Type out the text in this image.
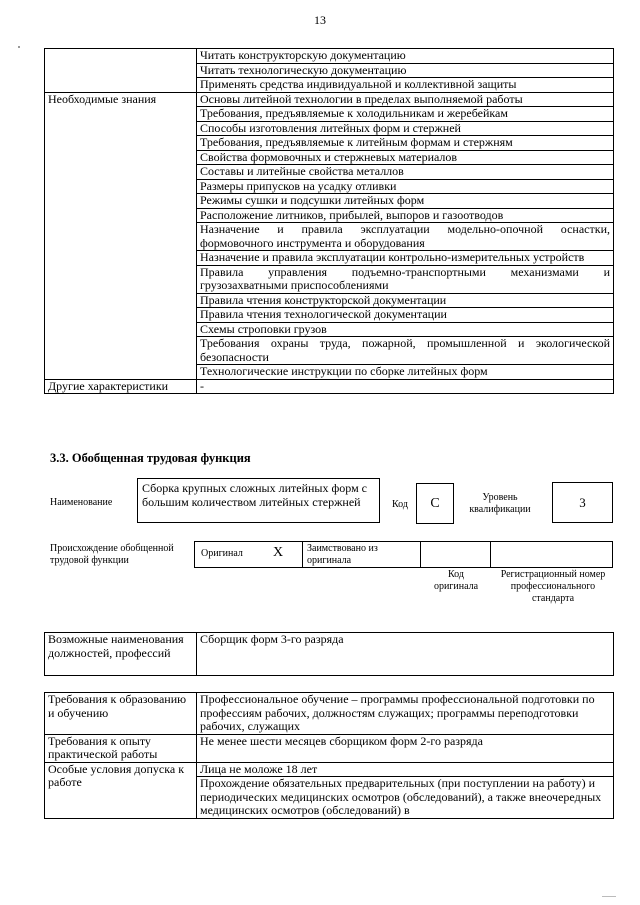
13
	Читать конструкторскую документацию
	Читать технологическую документацию
	Применять средства индивидуальной и коллективной защиты
Необходимые знания	Основы литейной технологии в пределах выполняемой работы
	Требования, предъявляемые к холодильникам и жеребейкам
	Способы изготовления литейных форм и стержней
	Требования, предъявляемые к литейным формам и стержням
	Свойства формовочных и стержневых материалов
	Составы и литейные свойства металлов
	Размеры припусков на усадку отливки
	Режимы сушки и подсушки литейных форм
	Расположение литников, прибылей, выпоров и газоотводов
	Назначение и правила эксплуатации модельно-опочной оснастки, формовочного инструмента и оборудования
	Назначение и правила эксплуатации контрольно-измерительных устройств
	Правила управления подъемно-транспортными механизмами и грузозахватными приспособлениями
	Правила чтения конструкторской документации
	Правила чтения технологической документации
	Схемы строповки грузов
	Требования охраны труда, пожарной, промышленной и экологической безопасности
	Технологические инструкции по сборке литейных форм
Другие характеристики	-
3.3. Обобщенная трудовая функция
Наименование
Сборка крупных сложных литейных форм с большим количеством литейных стержней	Код	C	Уровень квалификации	3
Происхождение обобщенной трудовой функции
Оригинал X Заимствовано из оригинала
Код оригинала
Регистрационный номер профессионального стандарта
Возможные наименования должностей, профессий	Сборщик форм 3-го разряда
Требования к образованию и обучению	Профессиональное обучение – программы профессиональной подготовки по профессиям рабочих, должностям служащих; программы переподготовки рабочих, служащих
Требования к опыту практической работы	Не менее шести месяцев сборщиком форм 2-го разряда
Особые условия допуска к работе	Лица не моложе 18 лет
	Прохождение обязательных предварительных (при поступлении на работу) и периодических медицинских осмотров (обследований), а также внеочередных медицинских осмотров (обследований) в
